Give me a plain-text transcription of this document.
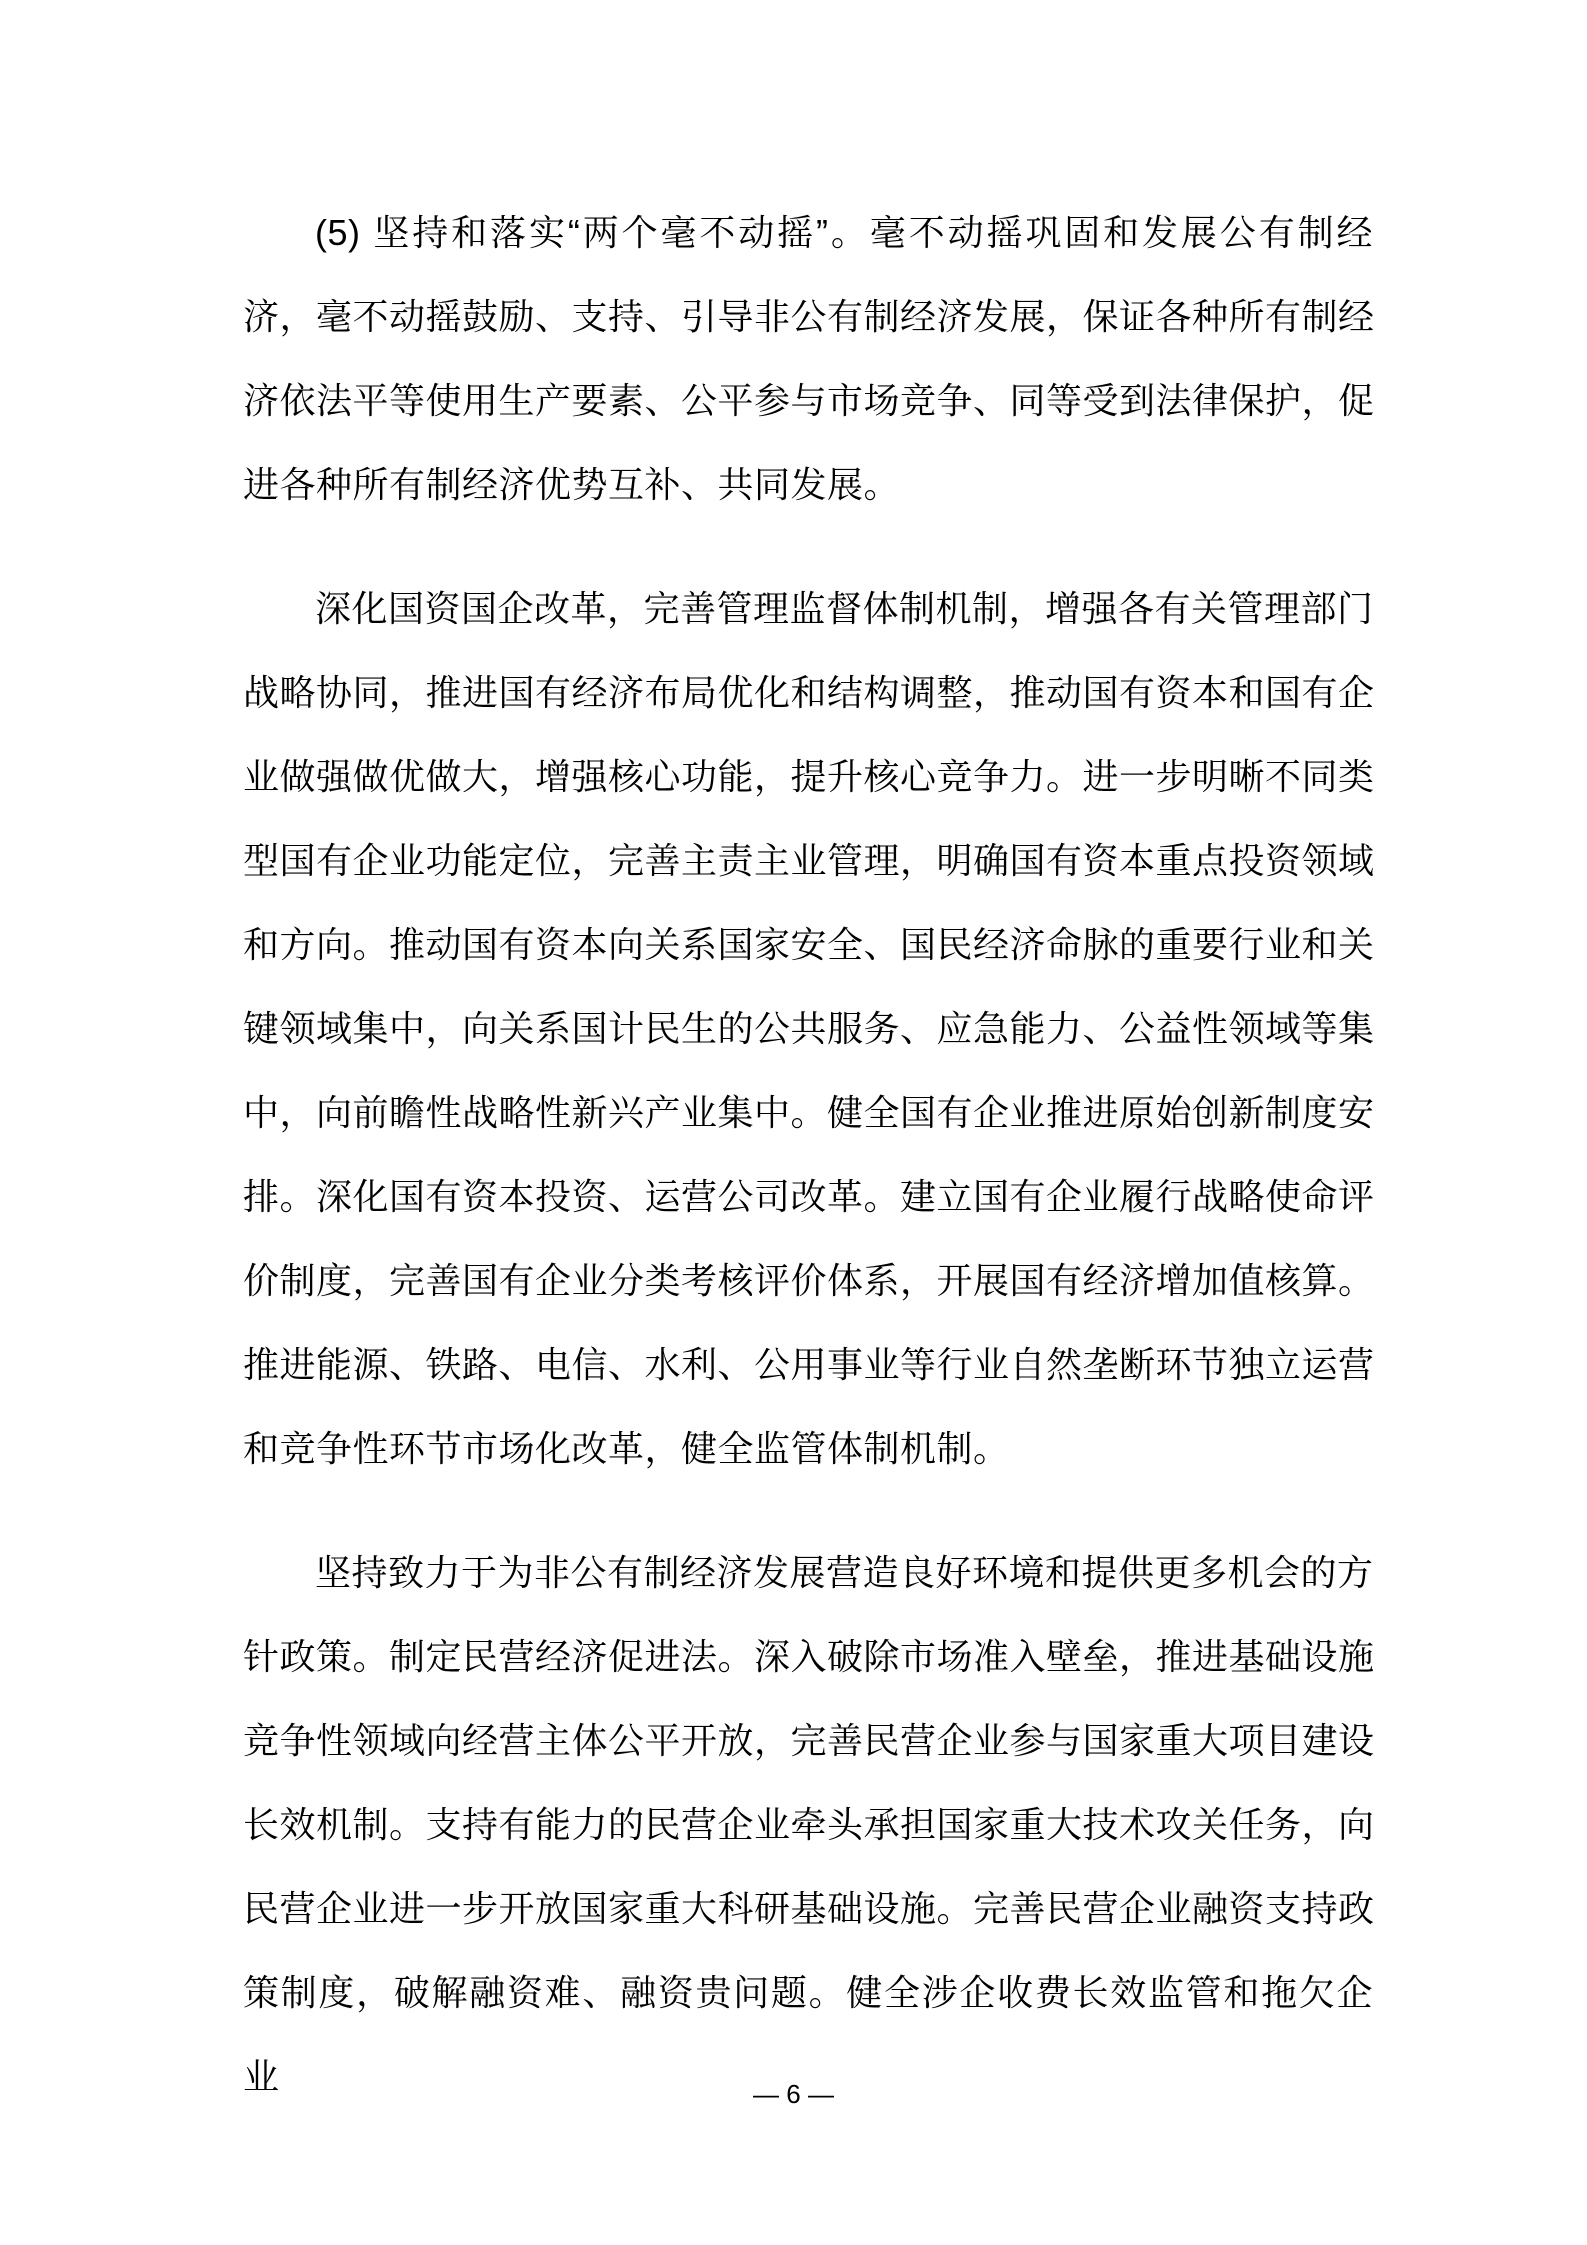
(5) 坚持和落实“两个毫不动摇”。毫不动摇巩固和发展公有制经
济，毫不动摇鼓励、支持、引导非公有制经济发展，保证各种所有制经
济依法平等使用生产要素、公平参与市场竞争、同等受到法律保护，促
进各种所有制经济优势互补、共同发展。
深化国资国企改革，完善管理监督体制机制，增强各有关管理部门
战略协同，推进国有经济布局优化和结构调整，推动国有资本和国有企
业做强做优做大，增强核心功能，提升核心竞争力。进一步明晰不同类
型国有企业功能定位，完善主责主业管理，明确国有资本重点投资领域
和方向。推动国有资本向关系国家安全、国民经济命脉的重要行业和关
键领域集中，向关系国计民生的公共服务、应急能力、公益性领域等集
中，向前瞻性战略性新兴产业集中。健全国有企业推进原始创新制度安
排。深化国有资本投资、运营公司改革。建立国有企业履行战略使命评
价制度，完善国有企业分类考核评价体系，开展国有经济增加值核算。
推进能源、铁路、电信、水利、公用事业等行业自然垄断环节独立运营
和竞争性环节市场化改革，健全监管体制机制。
坚持致力于为非公有制经济发展营造良好环境和提供更多机会的方
针政策。制定民营经济促进法。深入破除市场准入壁垒，推进基础设施
竞争性领域向经营主体公平开放，完善民营企业参与国家重大项目建设
长效机制。支持有能力的民营企业牵头承担国家重大技术攻关任务，向
民营企业进一步开放国家重大科研基础设施。完善民营企业融资支持政
策制度，破解融资难、融资贵问题。健全涉企收费长效监管和拖欠企业	— 6 —
